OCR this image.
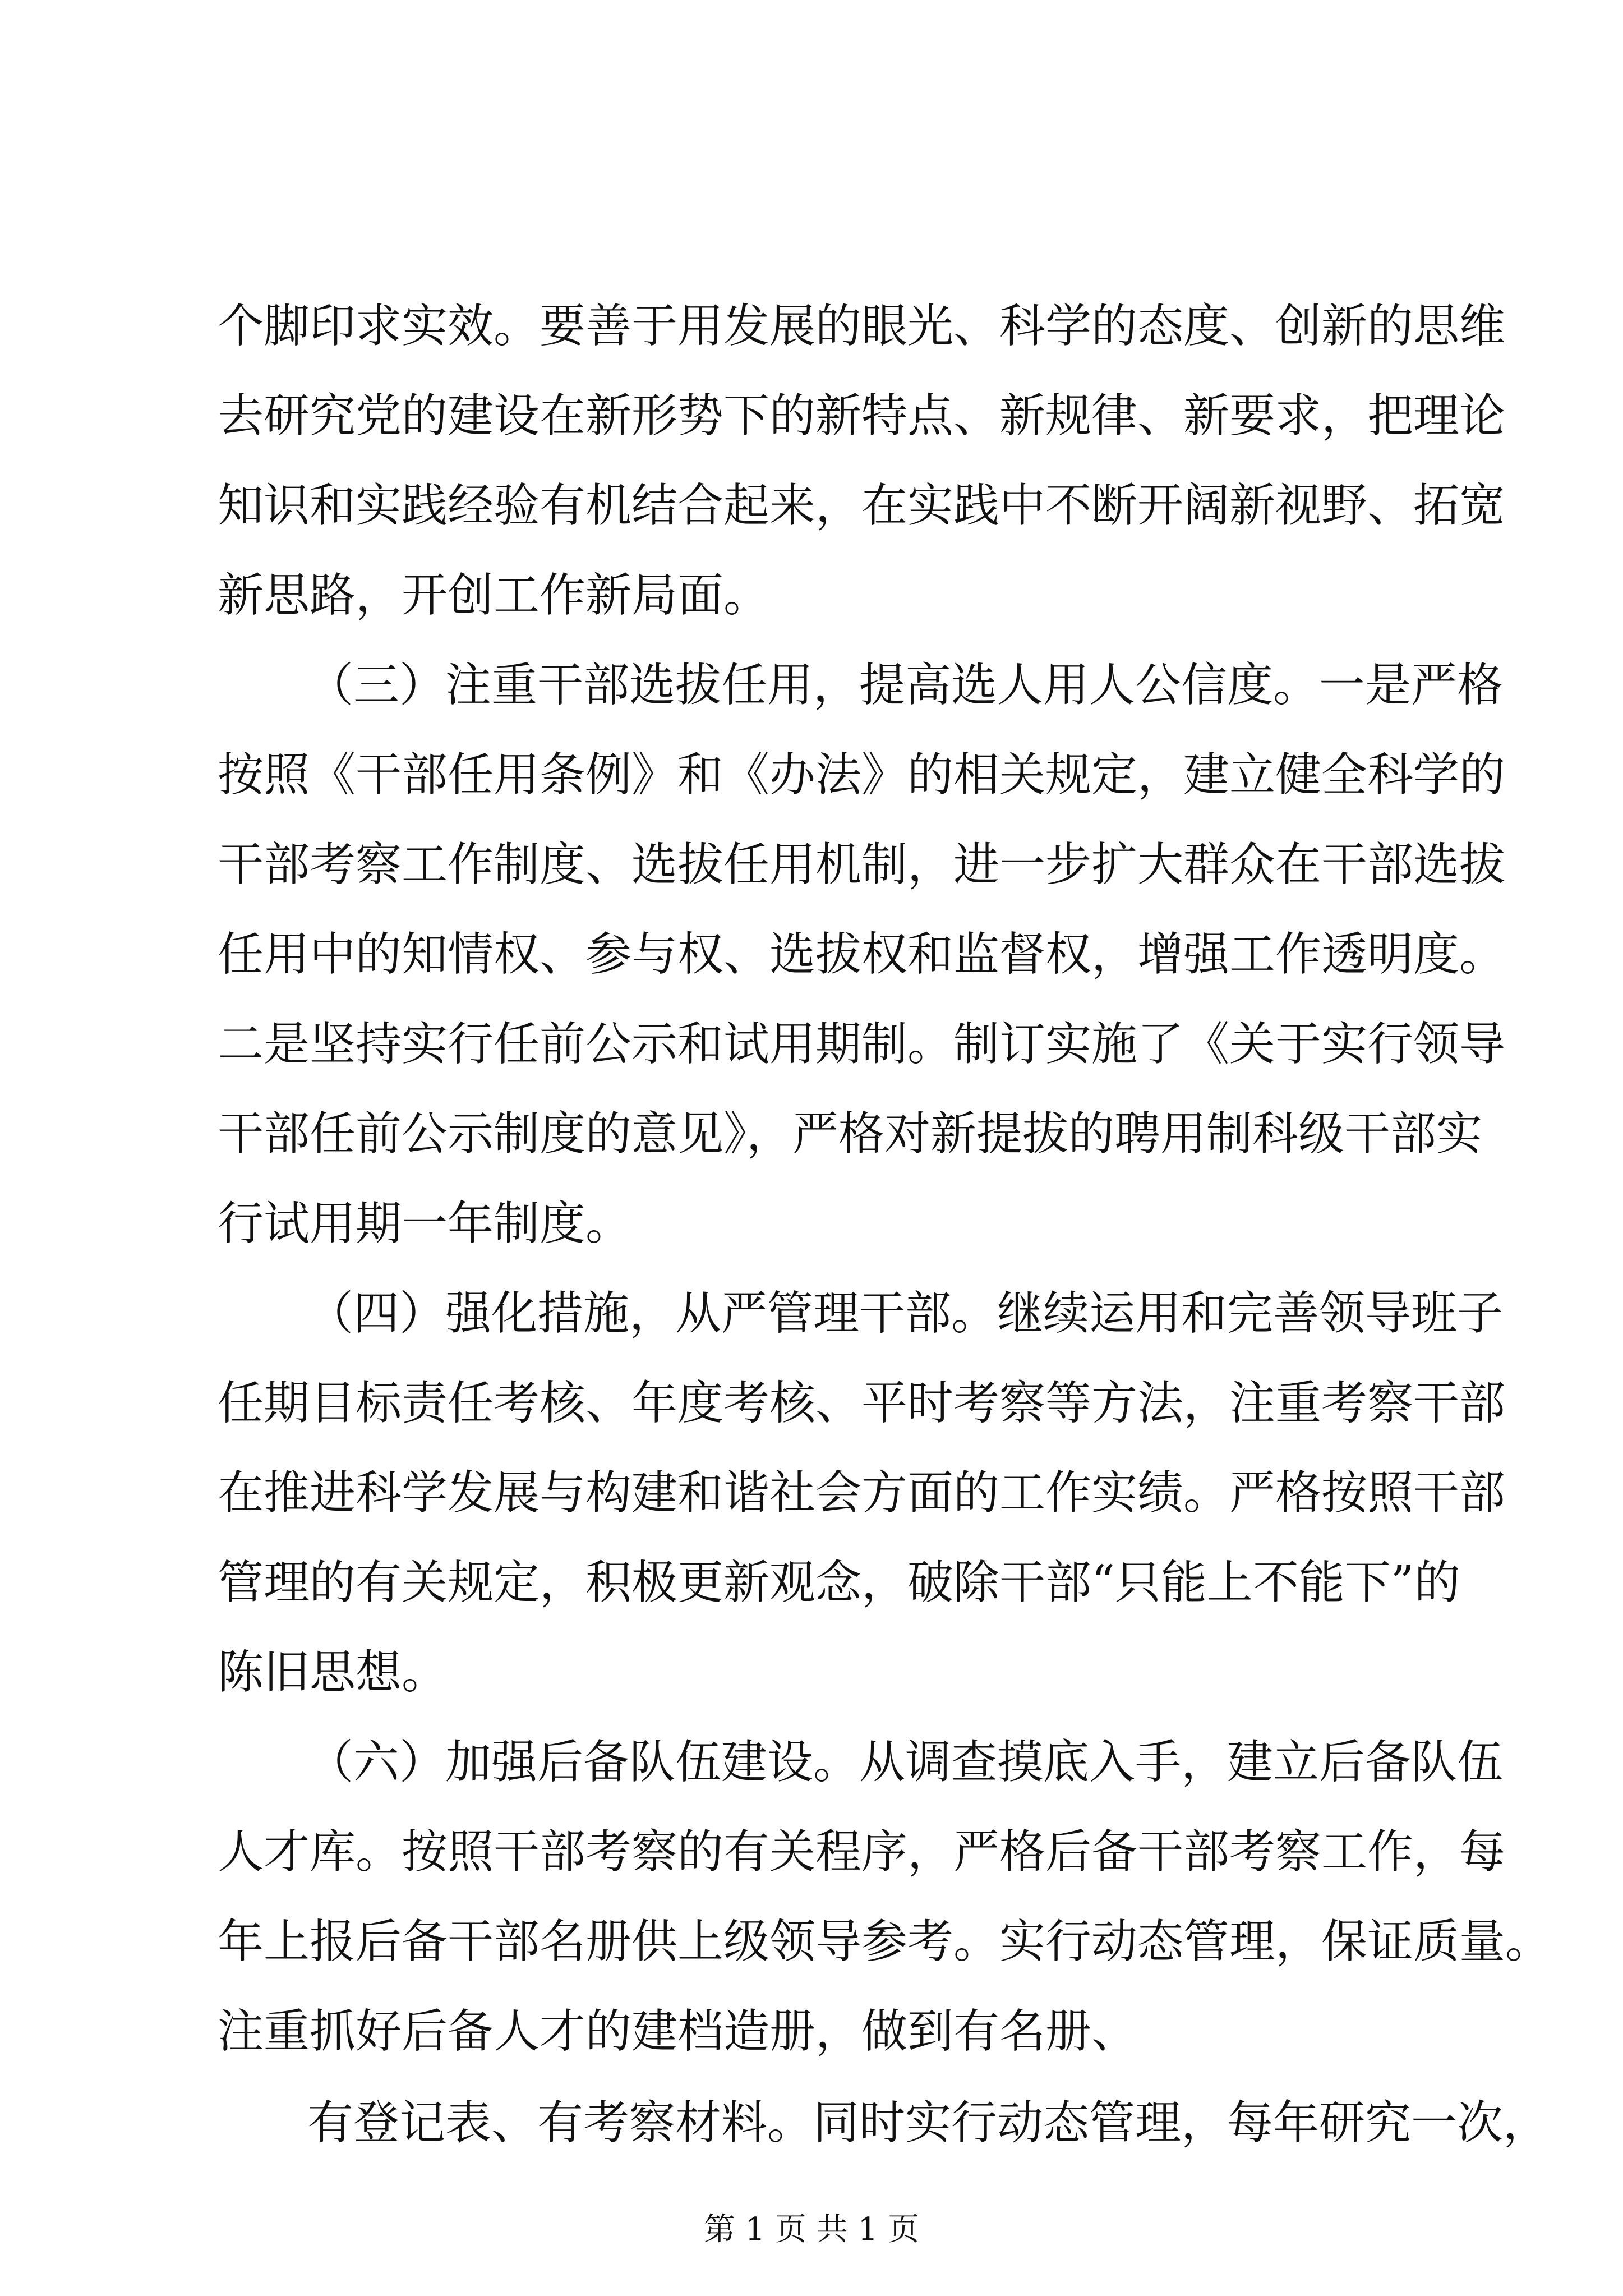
个脚印求实效。要善于用发展的眼光、科学的态度、创新的思维
去研究党的建设在新形势下的新特点、新规律、新要求，把理论
知识和实践经验有机结合起来，在实践中不断开阔新视野、拓宽
新思路，开创工作新局面。
（三）注重干部选拔任用，提高选人用人公信度。一是严格
按照《干部任用条例》和《办法》的相关规定，建立健全科学的
干部考察工作制度、选拔任用机制，进一步扩大群众在干部选拔
任用中的知情权、参与权、选拔权和监督权，增强工作透明度。
二是坚持实行任前公示和试用期制。制订实施了《关于实行领导
干部任前公示制度的意见》，严格对新提拔的聘用制科级干部实
行试用期一年制度。
（四）强化措施，从严管理干部。继续运用和完善领导班子
任期目标责任考核、年度考核、平时考察等方法，注重考察干部
在推进科学发展与构建和谐社会方面的工作实绩。严格按照干部
管理的有关规定，积极更新观念，破除干部“只能上不能下”的
陈旧思想。
（六）加强后备队伍建设。从调查摸底入手，建立后备队伍
人才库。按照干部考察的有关程序，严格后备干部考察工作，每
年上报后备干部名册供上级领导参考。实行动态管理，保证质量。
注重抓好后备人才的建档造册，做到有名册、
有登记表、有考察材料。同时实行动态管理，每年研究一次，
第 1 页 共 1 页
